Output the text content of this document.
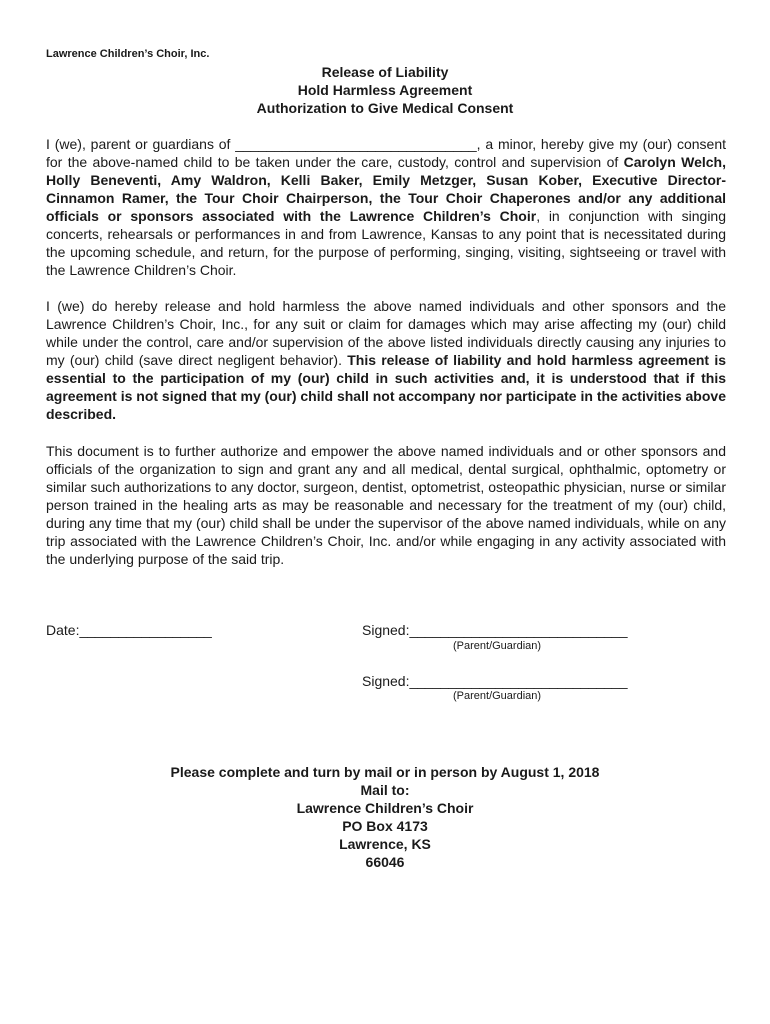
Lawrence Children’s Choir, Inc.
Release of Liability
Hold Harmless Agreement
Authorization to Give Medical Consent

I (we), parent or guardians of _______________________________, a minor, hereby give my (our) consent for the above-named child to be taken under the care, custody, control and supervision of Carolyn Welch, Holly Beneventi, Amy Waldron, Kelli Baker, Emily Metzger, Susan Kober, Executive Director- Cinnamon Ramer, the Tour Choir Chairperson, the Tour Choir Chaperones and/or any additional officials or sponsors associated with the Lawrence Children’s Choir, in conjunction with singing concerts, rehearsals or performances in and from Lawrence, Kansas to any point that is necessitated during the upcoming schedule, and return, for the purpose of performing, singing, visiting, sightseeing or travel with the Lawrence Children’s Choir.

I (we) do hereby release and hold harmless the above named individuals and other sponsors and the Lawrence Children’s Choir, Inc., for any suit or claim for damages which may arise affecting my (our) child while under the control, care and/or supervision of the above listed individuals directly causing any injuries to my (our) child (save direct negligent behavior). This release of liability and hold harmless agreement is essential to the participation of my (our) child in such activities and, it is understood that if this agreement is not signed that my (our) child shall not accompany nor participate in the activities above described.

This document is to further authorize and empower the above named individuals and or other sponsors and officials of the organization to sign and grant any and all medical, dental surgical, ophthalmic, optometry or similar such authorizations to any doctor, surgeon, dentist, optometrist, osteopathic physician, nurse or similar person trained in the healing arts as may be reasonable and necessary for the treatment of my (our) child, during any time that my (our) child shall be under the supervisor of the above named individuals, while on any trip associated with the Lawrence Children’s Choir, Inc. and/or while engaging in any activity associated with the underlying purpose of the said trip.

Date:_________________	Signed:____________________________
(Parent/Guardian)
Signed:____________________________
(Parent/Guardian)
Please complete and turn by mail or in person by August 1, 2018
Mail to:
Lawrence Children’s Choir
PO Box 4173
Lawrence, KS
66046
